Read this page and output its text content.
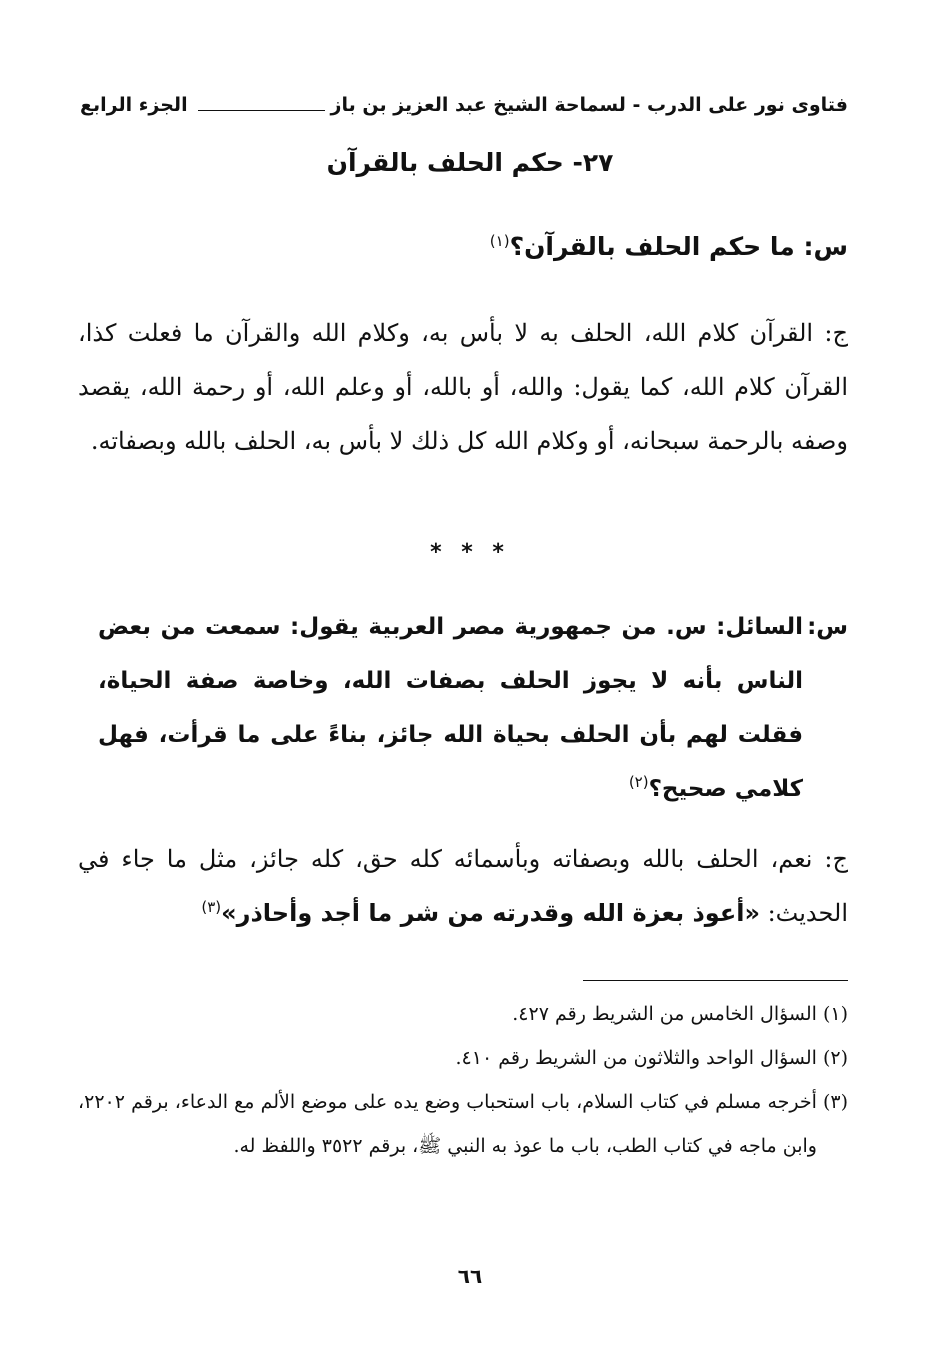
فتاوى نور على الدرب - لسماحة الشيخ عبد العزيز بن باز
الجزء الرابع
٢٧- حكم الحلف بالقرآن
س: ما حكم الحلف بالقرآن؟$^{(١)}$
ج: القرآن كلام الله، الحلف به لا بأس به، وكلام الله والقرآن ما فعلت كذا، القرآن كلام الله، كما يقول: والله، أو بالله، أو وعلم الله، أو رحمة الله، يقصد وصفه بالرحمة سبحانه، أو وكلام الله كل ذلك لا بأس به، الحلف بالله وبصفاته.
* * *
س:
السائل: س. من جمهورية مصر العربية يقول: سمعت من بعض الناس بأنه لا يجوز الحلف بصفات الله، وخاصة صفة الحياة، فقلت لهم بأن الحلف بحياة الله جائز، بناءً على ما قرأت، فهل كلامي صحيح؟$^{(٢)}$
ج: نعم، الحلف بالله وبصفاته وبأسمائه كله حق، كله جائز، مثل ما جاء في الحديث: «أعوذ بعزة الله وقدرته من شر ما أجد وأحاذر»$^{(٣)}$
(١)
السؤال الخامس من الشريط رقم ٤٢٧.
(٢)
السؤال الواحد والثلاثون من الشريط رقم ٤١٠.
(٣)
أخرجه مسلم في كتاب السلام، باب استحباب وضع يده على موضع الألم مع الدعاء، برقم ٢٢٠٢، وابن ماجه في كتاب الطب، باب ما عوذ به النبي ﷺ، برقم ٣٥٢٢ واللفظ له.
٦٦
